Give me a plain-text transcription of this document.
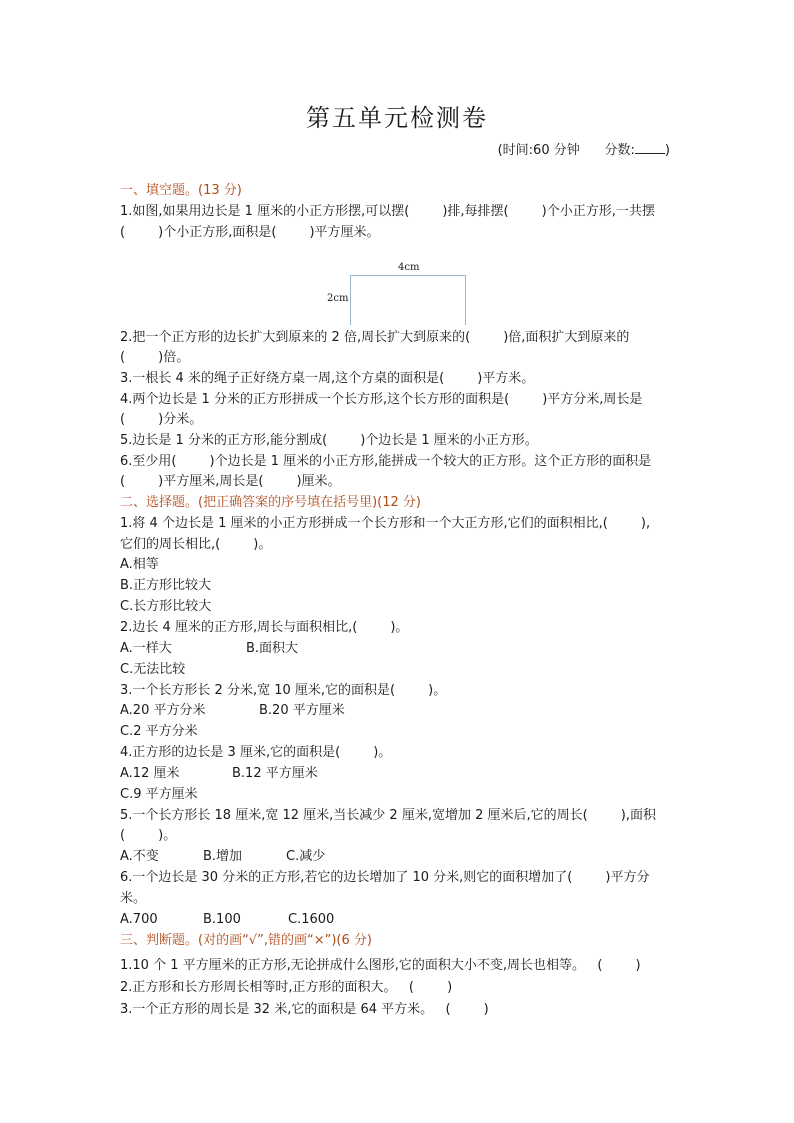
第五单元检测卷
(时间:60 分钟      分数: )
一、填空题。(13 分)
1.如图,如果用边长是 1 厘米的小正方形摆,可以摆(        )排,每排摆(        )个小正方形,一共摆
(        )个小正方形,面积是(        )平方厘米。
4cm
2cm
2.把一个正方形的边长扩大到原来的 2 倍,周长扩大到原来的(        )倍,面积扩大到原来的
(        )倍。
3.一根长 4 米的绳子正好绕方桌一周,这个方桌的面积是(        )平方米。
4.两个边长是 1 分米的正方形拼成一个长方形,这个长方形的面积是(        )平方分米,周长是
(        )分米。
5.边长是 1 分米的正方形,能分割成(        )个边长是 1 厘米的小正方形。
6.至少用(        )个边长是 1 厘米的小正方形,能拼成一个较大的正方形。这个正方形的面积是
(        )平方厘米,周长是(        )厘米。
二、选择题。(把正确答案的序号填在括号里)(12 分)
1.将 4 个边长是 1 厘米的小正方形拼成一个长方形和一个大正方形,它们的面积相比,(        ),
它们的周长相比,(        )。
A.相等
B.正方形比较大
C.长方形比较大
2.边长 4 厘米的正方形,周长与面积相比,(        )。
A.一样大	B.面积大
C.无法比较
3.一个长方形长 2 分米,宽 10 厘米,它的面积是(        )。
A.20 平方分米	B.20 平方厘米
C.2 平方分米
4.正方形的边长是 3 厘米,它的面积是(        )。
A.12 厘米	B.12 平方厘米
C.9 平方厘米
5.一个长方形长 18 厘米,宽 12 厘米,当长减少 2 厘米,宽增加 2 厘米后,它的周长(        ),面积
(        )。
A.不变	B.增加	C.减少
6.一个边长是 30 分米的正方形,若它的边长增加了 10 分米,则它的面积增加了(        )平方分
米。
A.700	B.100	C.1600
三、判断题。(对的画“√”,错的画“×”)(6 分)
1.10 个 1 平方厘米的正方形,无论拼成什么图形,它的面积大小不变,周长也相等。   (        )
2.正方形和长方形周长相等时,正方形的面积大。   (        )
3.一个正方形的周长是 32 米,它的面积是 64 平方米。   (        )
